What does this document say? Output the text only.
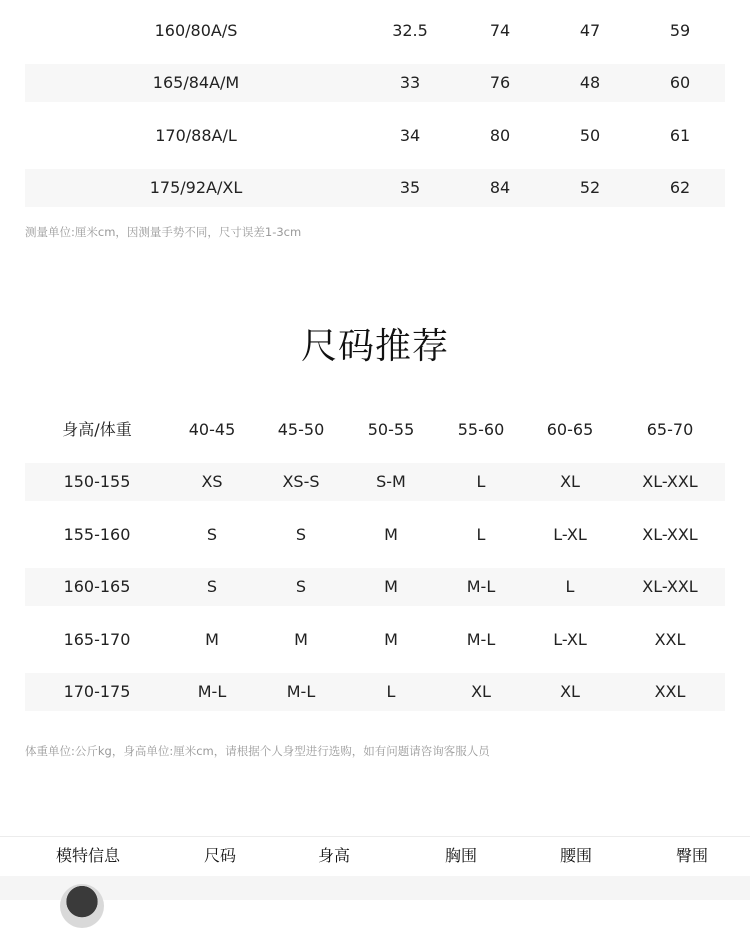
160/80A/S	32.5	74	47	59
165/84A/M	33	76	48	60
170/88A/L	34	80	50	61
175/92A/XL	35	84	52	62
测量单位:厘米cm，因测量手势不同，尺寸误差1-3cm
尺码推荐
身高/体重	40-45	45-50	50-55	55-60	60-65	65-70
150-155	XS	XS-S	S-M	L	XL	XL-XXL
155-160	S	S	M	L	L-XL	XL-XXL
160-165	S	S	M	M-L	L	XL-XXL
165-170	M	M	M	M-L	L-XL	XXL
170-175	M-L	M-L	L	XL	XL	XXL
体重单位:公斤kg，身高单位:厘米cm，请根据个人身型进行选购，如有问题请咨询客服人员
模特信息	尺码	身高	胸围	腰围	臀围
